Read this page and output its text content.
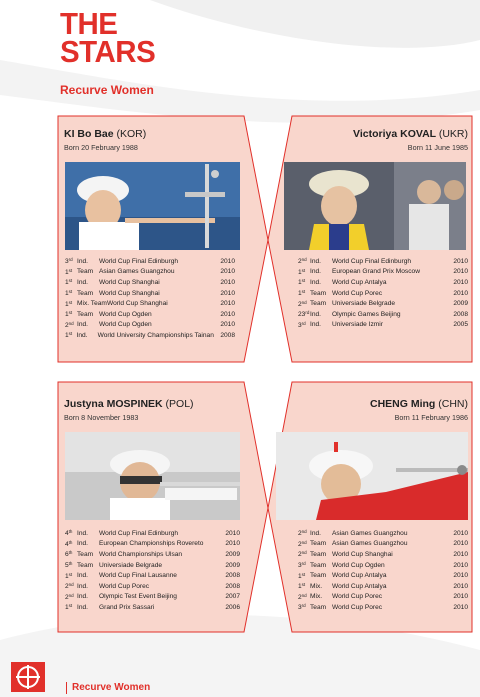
THE
STARS
Recurve Women
KI Bo Bae (KOR)
Born 20 February 1988
3rd Ind.	World Cup Final Edinburgh	2010
1st Team Asian Games Guangzhou	2010
1st Ind.	World Cup Shanghai	2010
1st Team World Cup Shanghai	2010
1st Mix. Team World Cup Shanghai	2010
1st Team World Cup Ogden	2010
2nd Ind.	World Cup Ogden	2010
1st Ind.	World University Championships Tainan 2008
Victoriya KOVAL (UKR)
Born 11 June 1985
2nd Ind.	World Cup Final Edinburgh	2010
1st Ind.	European Grand Prix Moscow	2010
1st Ind.	World Cup Antalya	2010
1st Team World Cup Porec	2010
2nd Team Universiade Belgrade	2009
23rd Ind.	Olympic Games Beijing	2008
3rd Ind.	Universiade Izmir	2005
Justyna MOSPINEK (POL)
Born 8 November 1983
4th Ind.	World Cup Final Edinburgh	2010
4th Ind.	European Championships Rovereto	2010
6th Team World Championships Ulsan	2009
5th Team Universiade Belgrade	2009
1st Ind.	World Cup Final Lausanne	2008
2nd Ind.	World Cup Porec	2008
2nd Ind.	Olympic Test Event Beijing	2007
1st Ind.	Grand Prix Sassari	2006
CHENG Ming (CHN)
Born 11 February 1986
2nd Ind.	Asian Games Guangzhou	2010
2nd Team Asian Games Guangzhou	2010
2nd Team World Cup Shanghai	2010
3rd Team World Cup Ogden	2010
1st Team World Cup Antalya	2010
1st Mix.	World Cup Antalya	2010
2nd Mix.	World Cup Porec	2010
3rd Team World Cup Porec	2010
Recurve Women
